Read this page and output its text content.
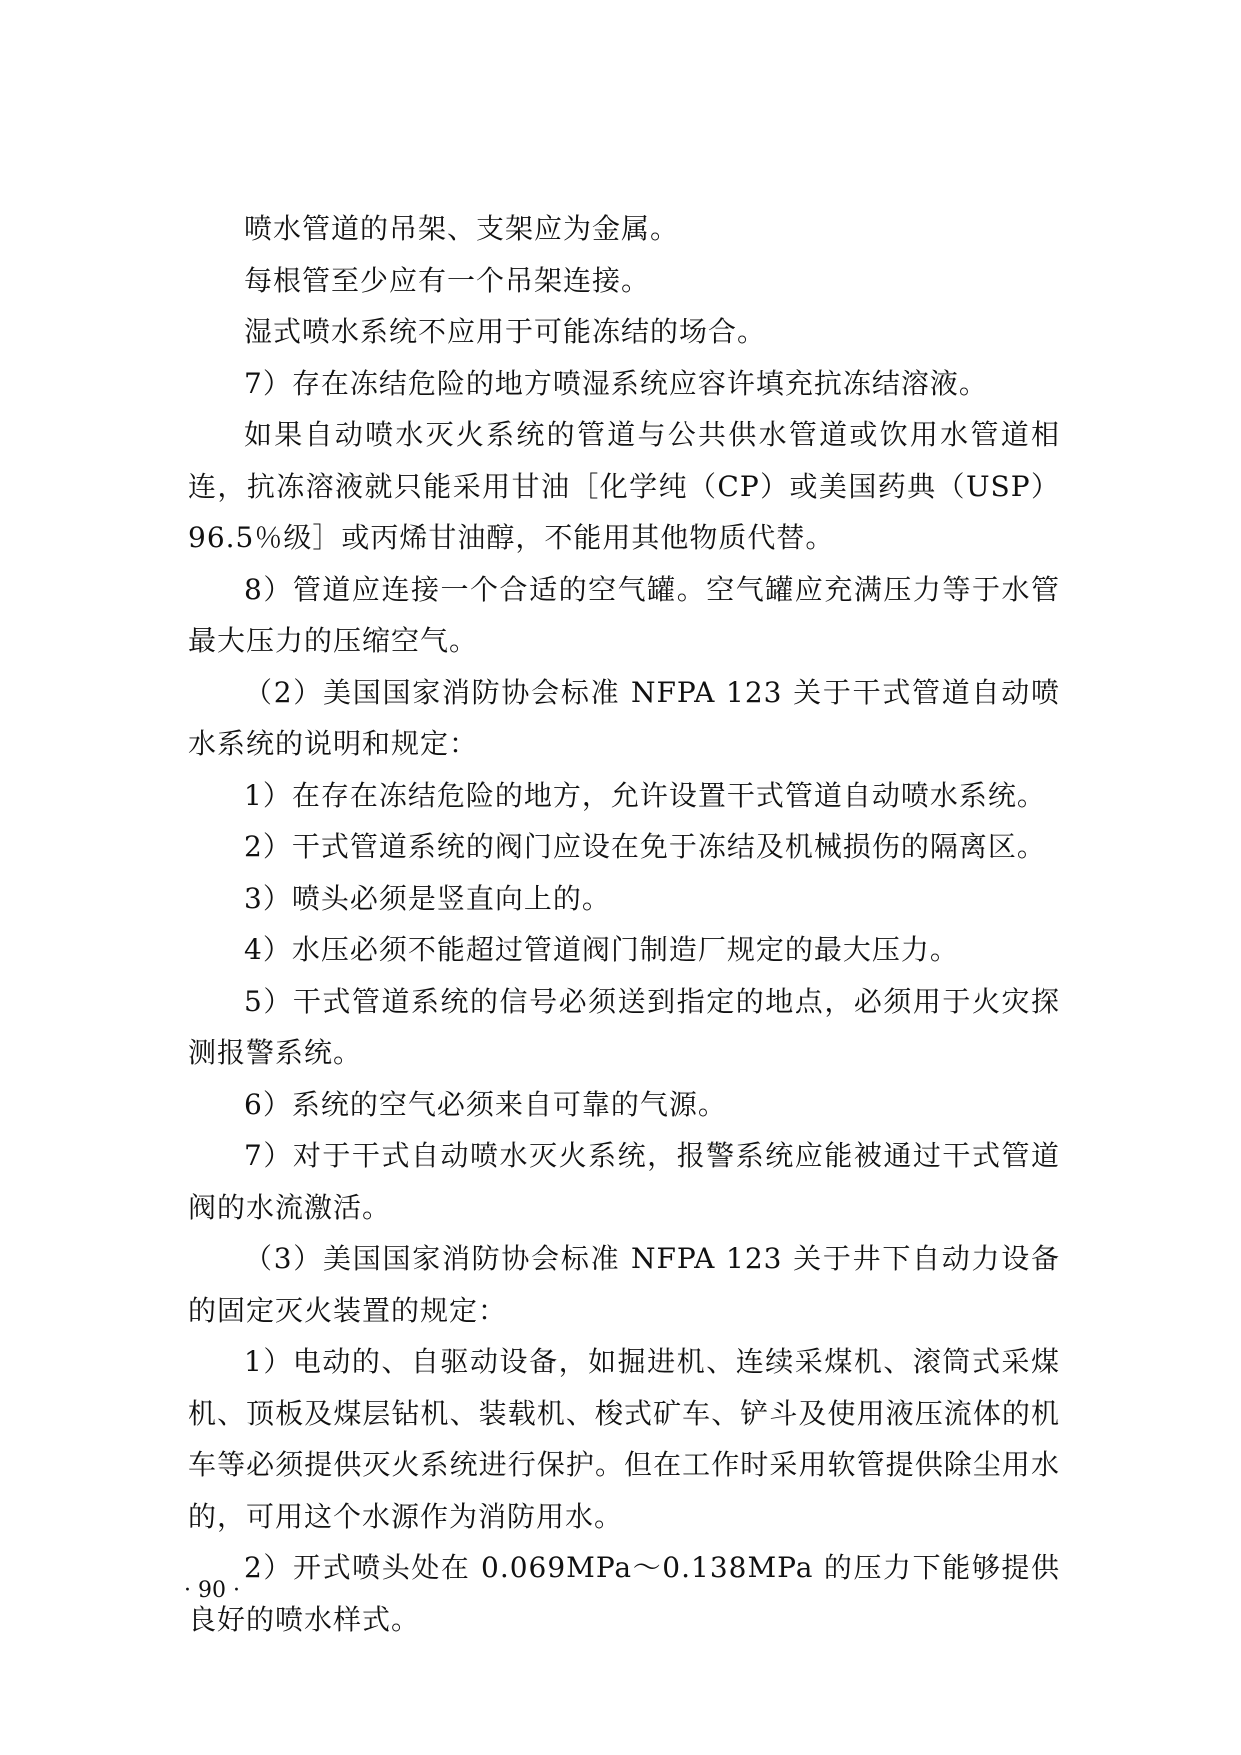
喷水管道的吊架、支架应为金属。

每根管至少应有一个吊架连接。

湿式喷水系统不应用于可能冻结的场合。

7）存在冻结危险的地方喷湿系统应容许填充抗冻结溶液。

如果自动喷水灭火系统的管道与公共供水管道或饮用水管道相连，抗冻溶液就只能采用甘油［化学纯（CP）或美国药典（USP）96.5％级］或丙烯甘油醇，不能用其他物质代替。

8）管道应连接一个合适的空气罐。空气罐应充满压力等于水管最大压力的压缩空气。

（2）美国国家消防协会标准 NFPA 123 关于干式管道自动喷水系统的说明和规定：

1）在存在冻结危险的地方，允许设置干式管道自动喷水系统。

2）干式管道系统的阀门应设在免于冻结及机械损伤的隔离区。

3）喷头必须是竖直向上的。

4）水压必须不能超过管道阀门制造厂规定的最大压力。

5）干式管道系统的信号必须送到指定的地点，必须用于火灾探测报警系统。

6）系统的空气必须来自可靠的气源。

7）对于干式自动喷水灭火系统，报警系统应能被通过干式管道阀的水流激活。

（3）美国国家消防协会标准 NFPA 123 关于井下自动力设备的固定灭火装置的规定：

1）电动的、自驱动设备，如掘进机、连续采煤机、滚筒式采煤机、顶板及煤层钻机、装载机、梭式矿车、铲斗及使用液压流体的机车等必须提供灭火系统进行保护。但在工作时采用软管提供除尘用水的，可用这个水源作为消防用水。

2）开式喷头处在 0.069MPa～0.138MPa 的压力下能够提供良好的喷水样式。

· 90 ·
